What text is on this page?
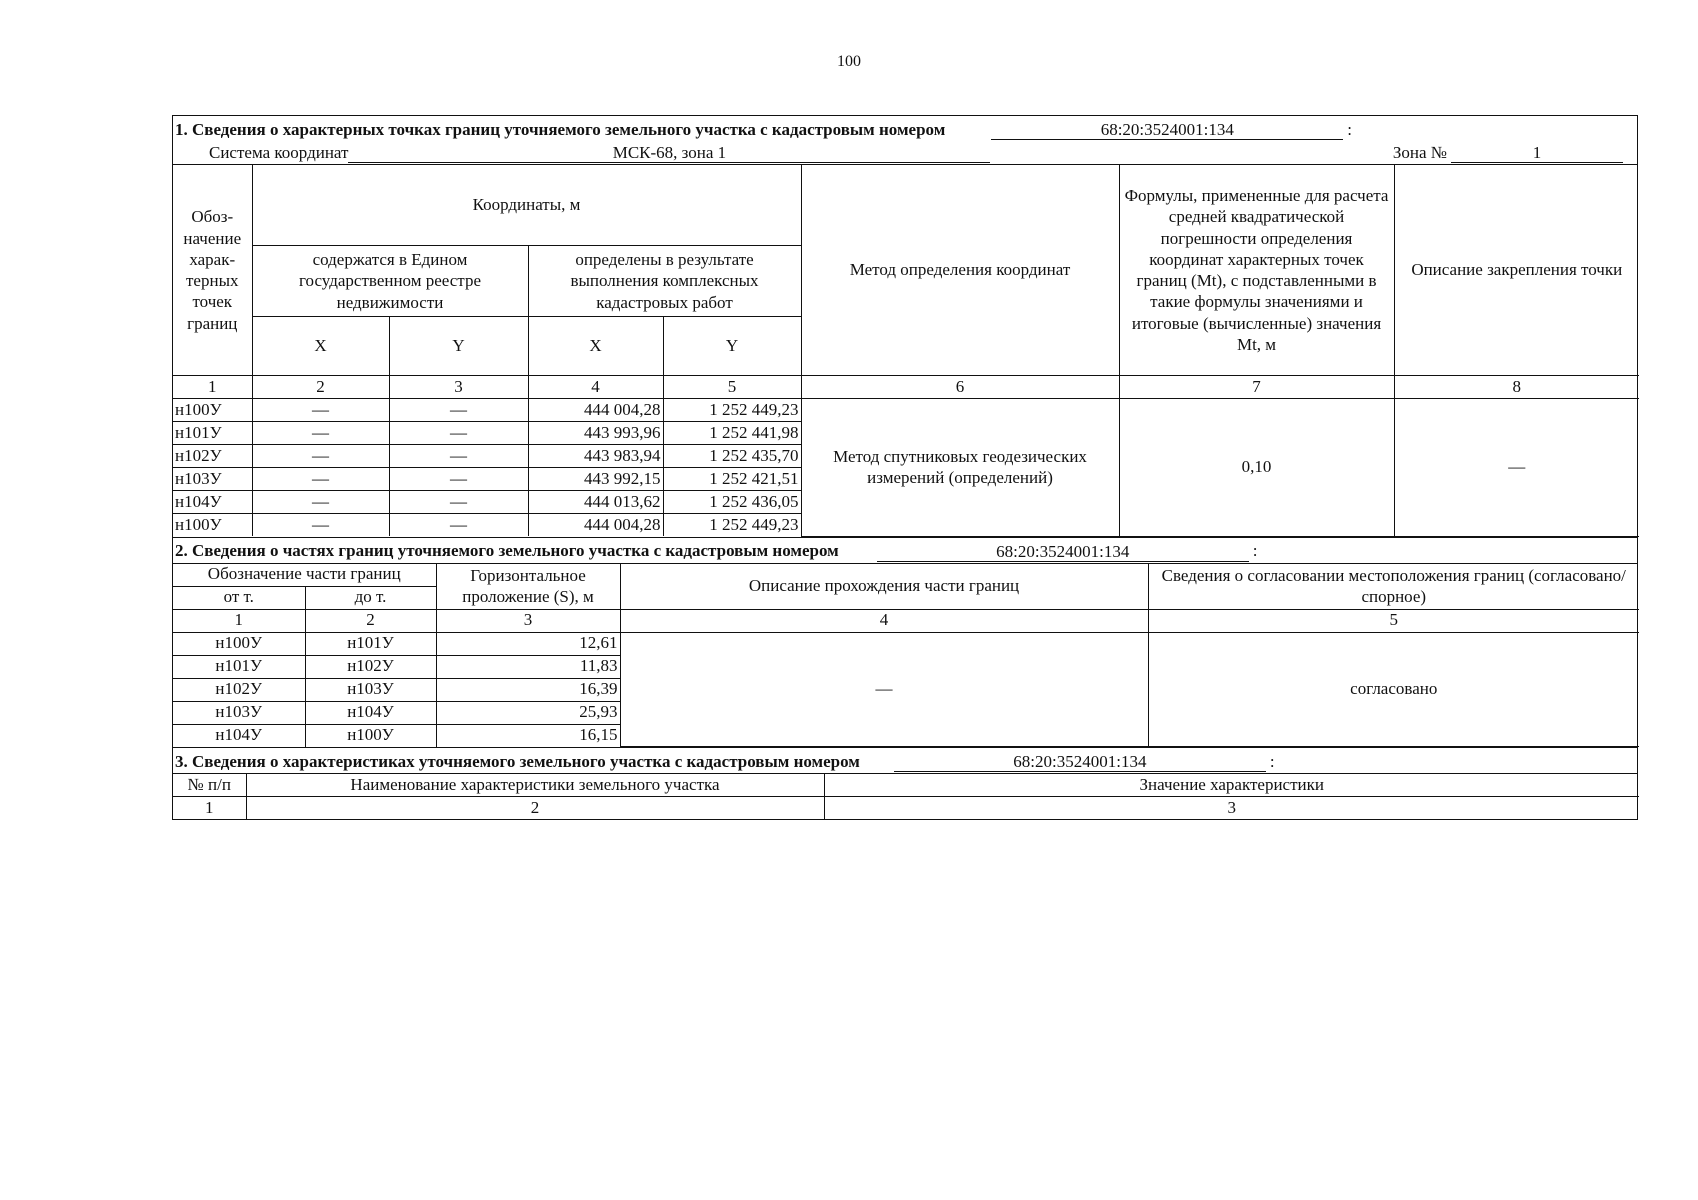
100
1. Сведения о характерных точках границ уточняемого земельного участка с кадастровым номером	68:20:3524001:134	:
Система координат	МСК-68, зона 1	Зона №	1
Обоз-начение харак-терных точек границ	Координаты, м				Метод определения координат	Формулы, примененные для расчета средней квадратической погрешности определения координат характерных точек границ (Mt), с подставленными в такие формулы значениями и итоговые (вычисленные) значения Mt, м	Описание закрепления точки
	содержатся в Едином государственном реестре недвижимости		определены в результате выполнения комплексных кадастровых работ				
	X	Y	X	Y			
1	2	3	4	5	6	7	8
н100У	—	—	444 004,28	1 252 449,23	Метод спутниковых геодезических измерений (определений)	0,10	—
н101У	—	—	443 993,96	1 252 441,98			
н102У	—	—	443 983,94	1 252 435,70			
н103У	—	—	443 992,15	1 252 421,51			
н104У	—	—	444 013,62	1 252 436,05			
н100У	—	—	444 004,28	1 252 449,23			
2. Сведения о частях границ уточняемого земельного участка с кадастровым номером	68:20:3524001:134	:
Обозначение части границ		Горизонтальное проложение (S), м	Описание прохождения части границ	Сведения о согласовании местоположения границ (согласовано/спорное)
от т.	до т.			
1	2	3	4	5
н100У	н101У	12,61	—	согласовано
н101У	н102У	11,83		
н102У	н103У	16,39		
н103У	н104У	25,93		
н104У	н100У	16,15		
3. Сведения о характеристиках уточняемого земельного участка с кадастровым номером	68:20:3524001:134	:
№ п/п	Наименование характеристики земельного участка	Значение характеристики
1	2	3
